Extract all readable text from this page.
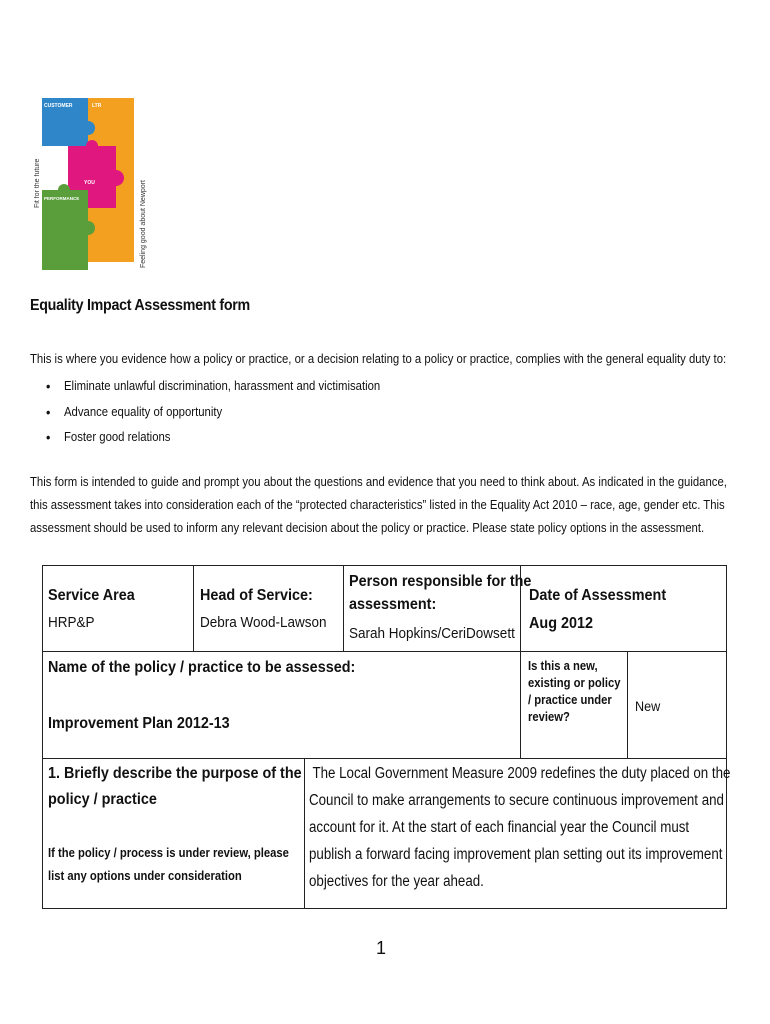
CUSTOMER	LTR
YOU
PERFORMANCE
Fit for the future	Feeling good about Newport
Equality Impact Assessment form
This is where you evidence how a policy or practice, or a decision relating to a policy or practice, complies with the general equality duty to:
• Eliminate unlawful discrimination, harassment and victimisation
• Advance equality of opportunity
• Foster good relations
This form is intended to guide and prompt you about the questions and evidence that you need to think about. As indicated in the guidance,
this assessment takes into consideration each of the “protected characteristics” listed in the Equality Act 2010 – race, age, gender etc. This
assessment should be used to inform any relevant decision about the policy or practice. Please state policy options in the assessment.
Service Area
HRP&P
Head of Service:
Debra Wood-Lawson
Person responsible for the
assessment:
Sarah Hopkins/CeriDowsett
Date of Assessment
Aug 2012
Name of the policy / practice to be assessed:
Improvement Plan 2012-13
Is this a new,
existing or policy
/ practice under
review?
New
1. Briefly describe the purpose of the
policy / practice
If the policy / process is under review, please
list any options under consideration
The Local Government Measure 2009 redefines the duty placed on the
Council to make arrangements to secure continuous improvement and
account for it. At the start of each financial year the Council must
publish a forward facing improvement plan setting out its improvement
objectives for the year ahead.
1
